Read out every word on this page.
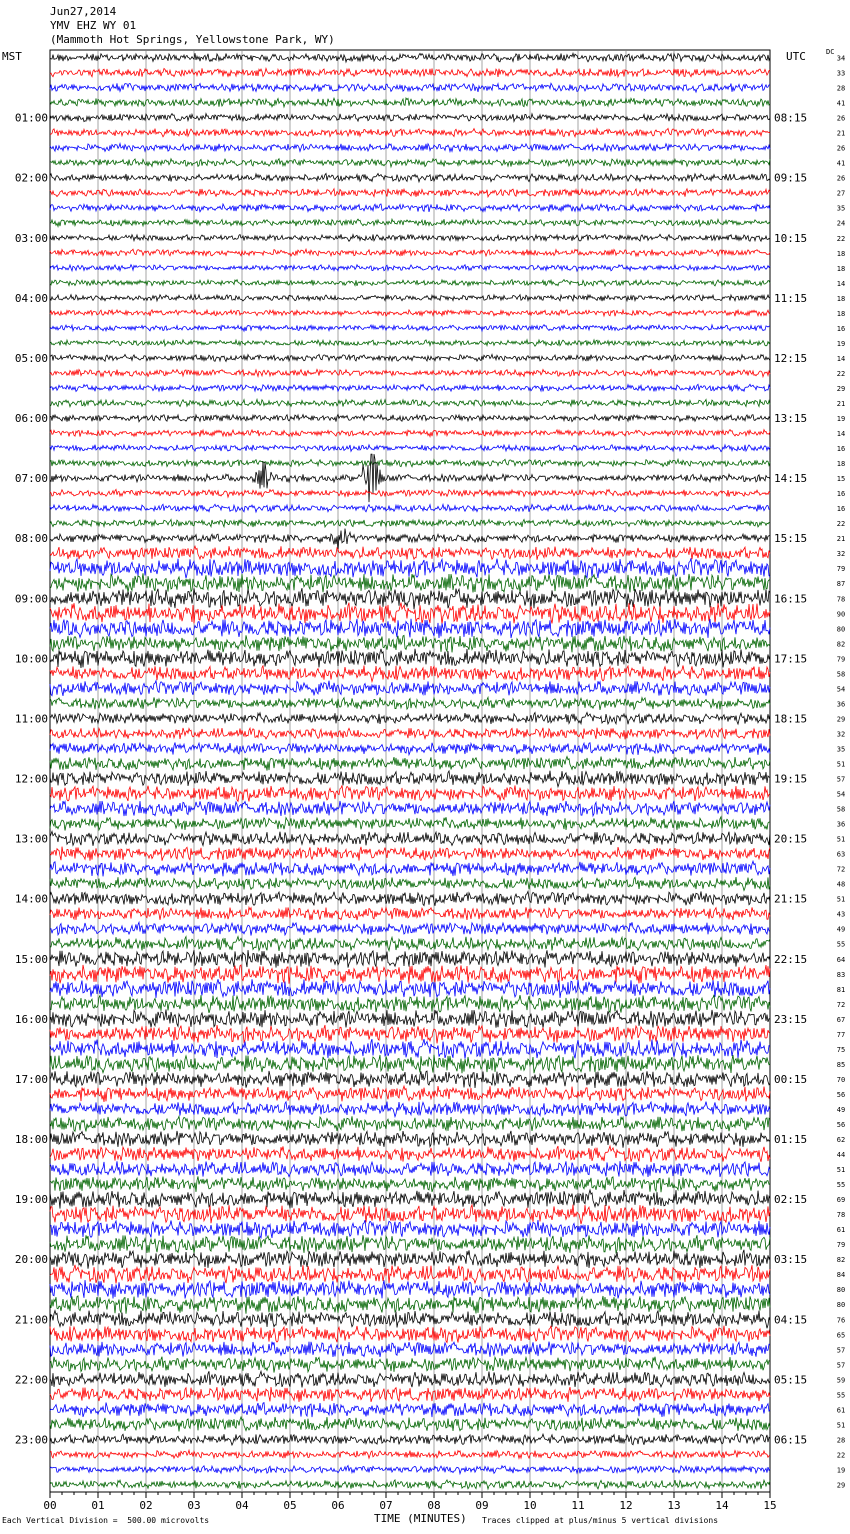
Jun27,2014
YMV EHZ WY 01
(Mammoth Hot Springs, Yellowstone Park, WY)
34
33
28
41
26
21
26
41
26
27
35
24
22
18
18
14
18
18
16
19
14
22
29
21
19
14
16
18
15
16
16
22
21
32
79
87
78
90
80
82
79
58
54
36
29
32
35
51
57
54
58
36
51
63
72
48
51
43
49
55
64
83
81
72
67
77
75
85
70
56
49
56
62
44
51
55
69
78
61
79
82
84
80
80
76
65
57
57
59
55
61
51
28
22
19
29
01:00	08:15
02:00	09:15
03:00	10:15
04:00	11:15
05:00	12:15
06:00	13:15
07:00	14:15
08:00	15:15
09:00	16:15
10:00	17:15
11:00	18:15
12:00	19:15
13:00	20:15
14:00	21:15
15:00	22:15
16:00	23:15
17:00	00:15
18:00	01:15
19:00	02:15
20:00	03:15
21:00	04:15
22:00	05:15
23:00	06:15
00	01	02	03	04	05	06	07	08	09	10	11	12	13	14	15
MST	UTC	DC
Each Vertical Division =  500.00 microvolts	TIME (MINUTES) Traces clipped at plus/minus 5 vertical divisions
